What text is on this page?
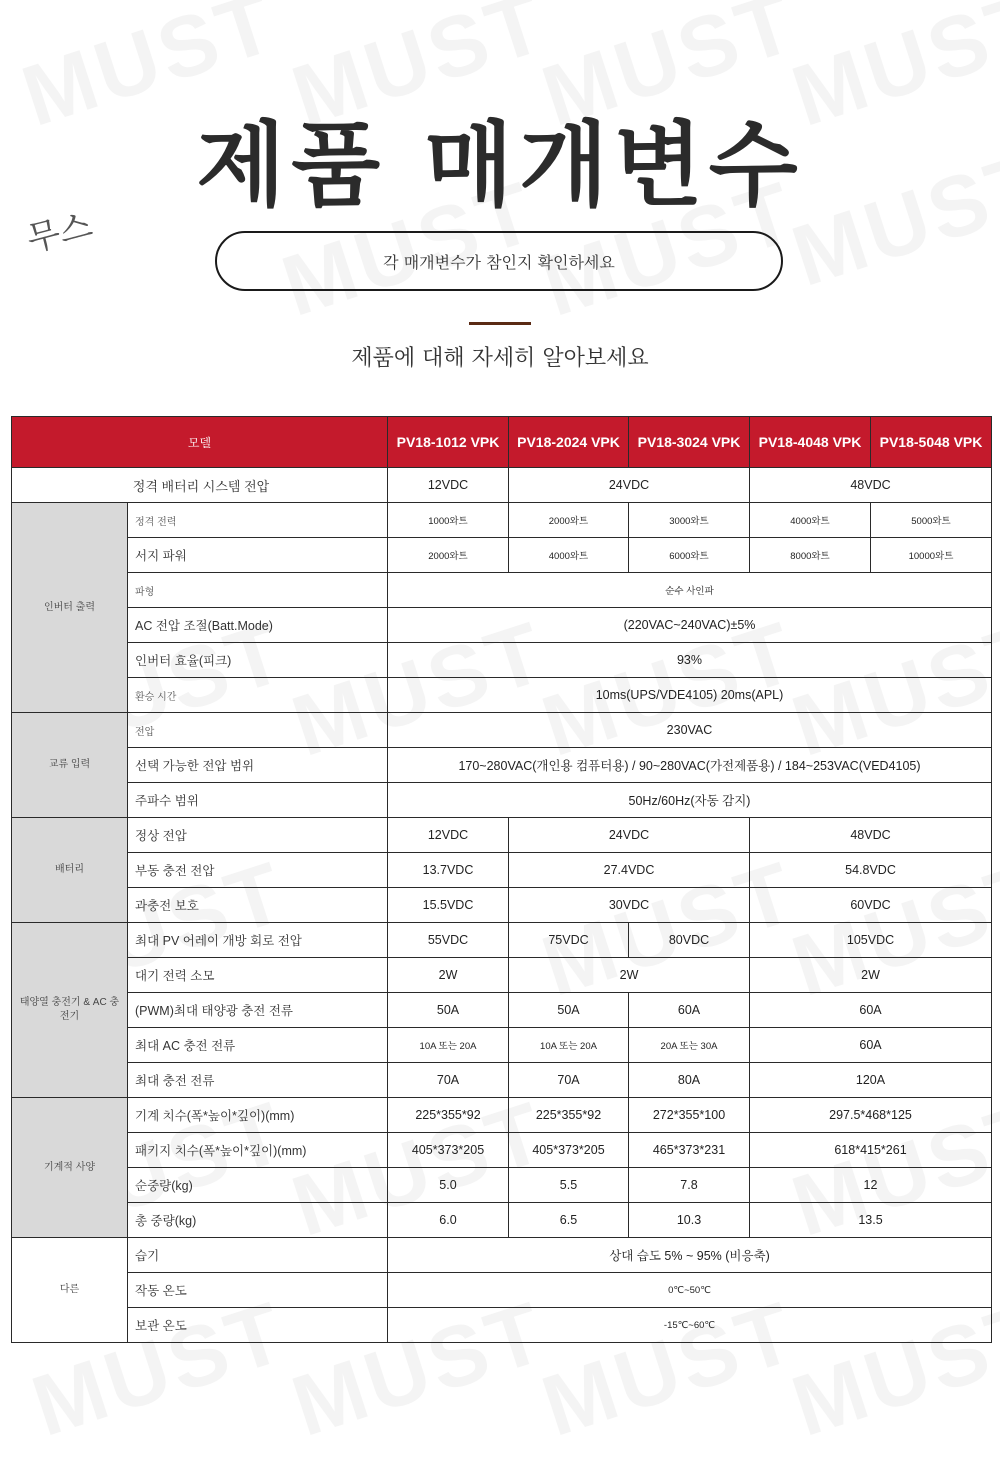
제품 매개변수
무스
각 매개변수가 참인지 확인하세요
제품에 대해 자세히 알아보세요
모델		PV18-1012 VPK	PV18-2024 VPK	PV18-3024 VPK	PV18-4048 VPK	PV18-5048 VPK
정격 배터리 시스템 전압		12VDC	24VDC		48VDC	
인버터 출력	정격 전력	1000와트	2000와트	3000와트	4000와트	5000와트
	서지 파워	2000와트	4000와트	6000와트	8000와트	10000와트
	파형	순수 사인파				
	AC 전압 조절(Batt.Mode)	(220VAC~240VAC)±5%				
	인버터 효율(피크)	93%				
	환승 시간	10ms(UPS/VDE4105) 20ms(APL)				
교류 입력	전압	230VAC				
	선택 가능한 전압 범위	170~280VAC(개인용 컴퓨터용) / 90~280VAC(가전제품용) / 184~253VAC(VED4105)				
	주파수 범위	50Hz/60Hz(자동 감지)				
배터리	정상 전압	12VDC	24VDC		48VDC	
	부동 충전 전압	13.7VDC	27.4VDC		54.8VDC	
	과충전 보호	15.5VDC	30VDC		60VDC	
태양열 충전기 & AC 충전기	최대 PV 어레이 개방 회로 전압	55VDC	75VDC	80VDC	105VDC	
	대기 전력 소모	2W	2W		2W	
	(PWM)최대 태양광 충전 전류	50A	50A	60A	60A	
	최대 AC 충전 전류	10A 또는 20A	10A 또는 20A	20A 또는 30A	60A	
	최대 충전 전류	70A	70A	80A	120A	
기계적 사양	기계 치수(폭*높이*깊이)(mm)	225*355*92	225*355*92	272*355*100	297.5*468*125	
	패키지 치수(폭*높이*깊이)(mm)	405*373*205	405*373*205	465*373*231	618*415*261	
	순중량(kg)	5.0	5.5	7.8	12	
	총 중량(kg)	6.0	6.5	10.3	13.5	
다른	습기	상대 습도 5% ~ 95% (비응축)				
	작동 온도	0℃~50℃				
	보관 온도	-15℃~60℃				
